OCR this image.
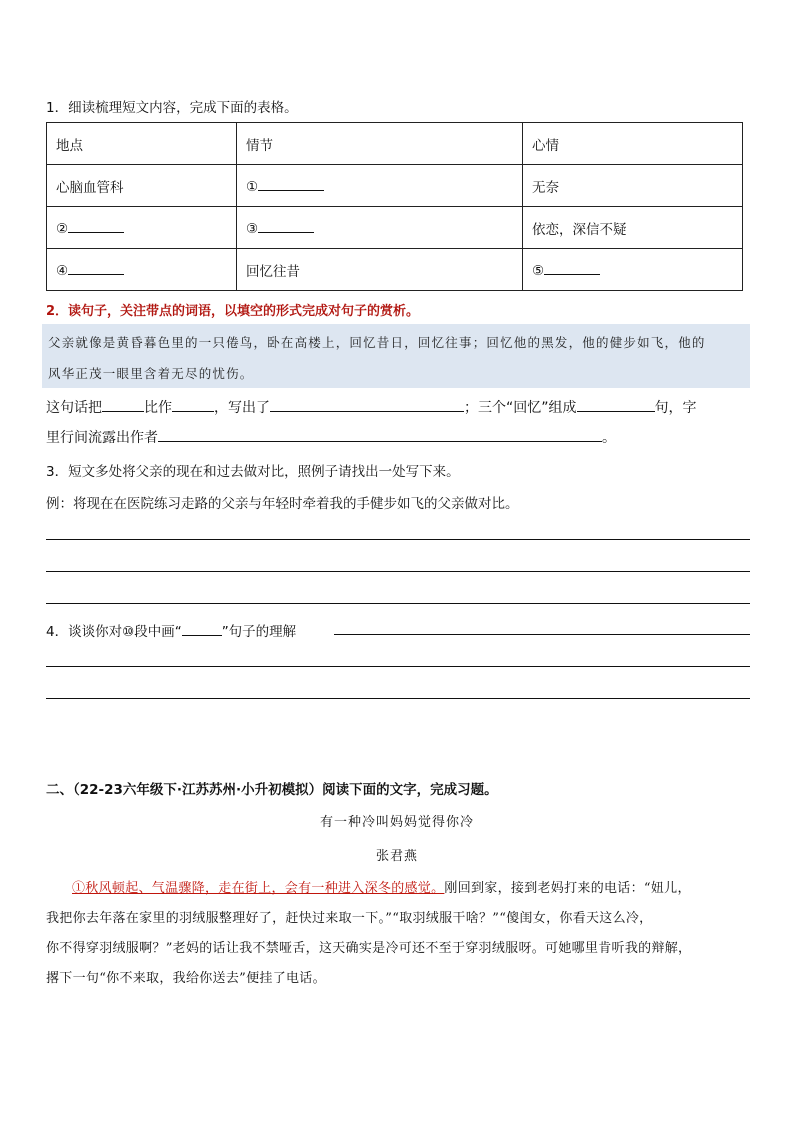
1．细读梳理短文内容，完成下面的表格。
地点	情节	心情
心脑血管科	①	无奈
②	③	依恋，深信不疑
④	回忆往昔	⑤
2．读句子，关注带点的词语，以填空的形式完成对句子的赏析。
父亲就像是黄昏暮色里的一只倦鸟，卧在高楼上，回忆昔日，回忆往事；回忆他的黑发，他的健步如飞，他的
风华正茂一眼里含着无尽的忧伤。
这句话把	比作	，写出了	；三个“回忆”组成	句，字
里行间流露出作者	。
3．短文多处将父亲的现在和过去做对比，照例子请找出一处写下来。
例：将现在在医院练习走路的父亲与年轻时牵着我的手健步如飞的父亲做对比。
4．谈谈你对⑩段中画“	”句子的理解
二、（22-23六年级下·江苏苏州·小升初模拟）阅读下面的文字，完成习题。
有一种冷叫妈妈觉得你冷
张君燕
①秋风顿起、气温骤降，走在街上，会有一种进入深冬的感觉。刚回到家，接到老妈打来的电话：“妞儿，
我把你去年落在家里的羽绒服整理好了，赶快过来取一下。”“取羽绒服干啥？”“傻闺女，你看天这么冷，
你不得穿羽绒服啊？”老妈的话让我不禁哑舌，这天确实是冷可还不至于穿羽绒服呀。可她哪里肯听我的辩解，
撂下一句“你不来取，我给你送去”便挂了电话。
